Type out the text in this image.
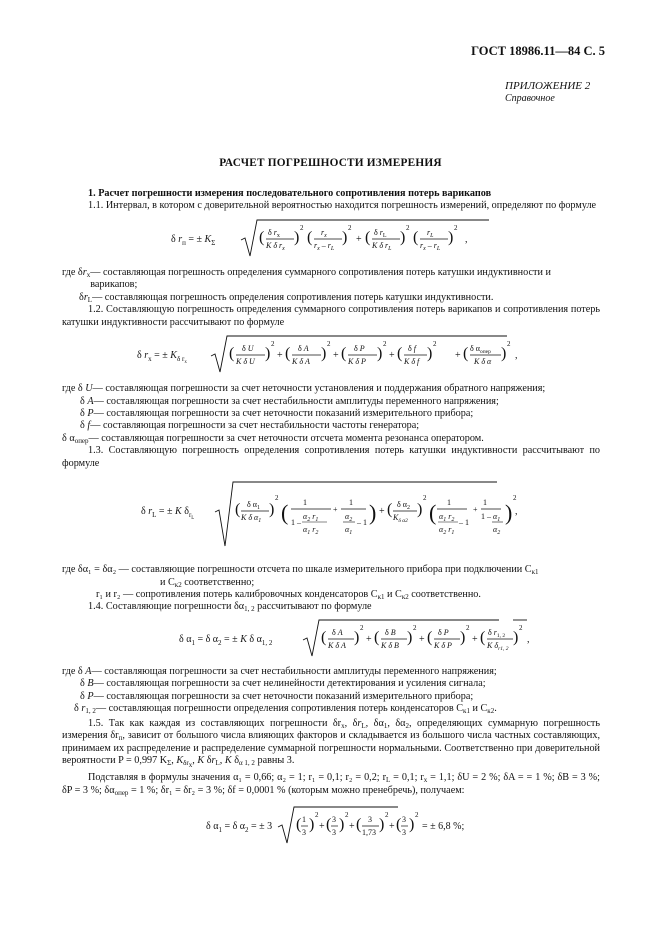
ГОСТ 18986.11—84 С. 5
ПРИЛОЖЕНИЕ 2
Справочное
РАСЧЕТ ПОГРЕШНОСТИ ИЗМЕРЕНИЯ

1. Расчет погрешности измерения последовательного сопротивления потерь варикапов

1.1. Интервал, в котором с доверительной вероятностью находится погрешность измерений, определяют по формуле

δ $r_п$ = ± $K_\Sigma$	( δ $r_x$
K δ $r_x$
)
2
( $r_x$
$r_x - r_L$
)
2
+ ( δ $r_L$
K δ $r_L$
)
2
( $r_L$
$r_x - r_L$
)
2
,
где $\delta r_x$ — составляющая погрешность определения суммарного сопротивления потерь катушки индуктивности и варикапов;
$\delta r_L$ — составляющая погрешность определения сопротивления потерь катушки индуктивности.

1.2. Составляющую погрешность определения суммарного сопротивления потерь варикапов и сопротивления потерь катушки индуктивности рассчитывают по формуле

δ $r_x$ = ± $K_{\delta rx}$
( δ U
K δ U )
2
+ ( δ A
K δ A )
2
+ ( δ P
K δ P )
2
+ ( δ f
K δ f )
2
+ ( δ $\alpha_{опер}$
K δ α )
2
,
где δ U — составляющая погрешности за счет неточности установления и поддержания обратного напряжения;
δ A — составляющая погрешности за счет нестабильности амплитуды переменного напряжения;
δ P — составляющая погрешности за счет неточности показаний измерительного прибора;
δ f — составляющая погрешности за счет нестабильности частоты генератора;
δ $\alpha_{опер}$ — составляющая погрешности за счет неточности отсчета момента резонанса оператором.

1.3. Составляющую погрешность определения сопротивления потерь катушки индуктивности рассчитывают по формуле

δ $r_L$ = ± K $\delta_{rL}$
( δ $\alpha_1$
K δ $\alpha_1$
)
2
( 1
1 –
$\alpha_2$ $r_1$
$\alpha_1$ $r_2$
+
1
$\alpha_2$
$\alpha_1$
– 1 ) + ( δ $\alpha_2$
$K_{\delta \alpha 2}$
)
2
( 1
$\alpha_1$ $r_2$
$\alpha_2$ $r_1$
– 1
+
1
$1 - \alpha_1$
$\alpha_2$
)
2
,

где δα₁ = δα₂ — составляющие погрешности отсчета по шкале измерительного прибора при подключении $C_{к1}$

и $C_{к2}$ соответственно;

r₁ и r₂ — сопротивления потерь калибровочных конденсаторов $C_{к1}$ и $C_{к2}$ соответственно.

1.4. Составляющие погрешности $\delta\alpha_{1, 2}$ рассчитывают по формуле

δ $\alpha_1 = \delta$ $\alpha_2$ = ± K δ $\alpha_{1, 2}$	( δ A
K δ A )
2
+ ( δ B
K δ B )
2
+ ( δ P
K δ P )
2
+ ( δ $r_{1, 2}$
K $\delta_{r1, 2}$
)
2
,
где δ A — составляющая погрешности за счет нестабильности амплитуды переменного напряжения;
δ B — составляющая погрешности за счет нелинейности детектирования и усиления сигнала;
δ P — составляющая погрешности за счет неточности показаний измерительного прибора;
δ $r_{1, 2}$ — составляющая погрешности определения сопротивления потерь конденсаторов $C_{к1}$ и $C_{к2}$.

1.5. Так как каждая из составляющих погрешности $\delta r_x$, $\delta r_L$, $\delta\alpha_1$, $\delta\alpha_2$, определяющих суммарную погрешность измерения $\delta r_п$, зависит от большого числа влияющих факторов и складывается из большого числа частных составляющих, принимаем их распределение и распределение суммарной погрешности нормальными. Соответственно при доверительной вероятности P = 0,997 $K_\Sigma$, $K_{\delta r_x}$, K $\delta r_L$, K $\delta_{\alpha 1, 2}$ равны 3.

Подставляя в формулы значения α₁ = 0,66; α₂ = 1; r₁ = 0,1; r₂ = 0,2; $r_L = 0,1$; $r_x = 1,1$; δU = 2 %; δA = = 1 %; δB = 3 %; δP = 3 %; $\delta\alpha_{опер} = 1$ %; δr₁ = δr₂ = 3 %; δf = 0,0001 % (которым можно пренебречь), получаем:

δ $\alpha_1 = \delta$ $\alpha_2$ = ± 3 ( 1
3 )
2
+ ( 3
3 )
2
+ ( 3
1,73 )
2
+ ( 3
3 )
2
= ± 6,8 %;
